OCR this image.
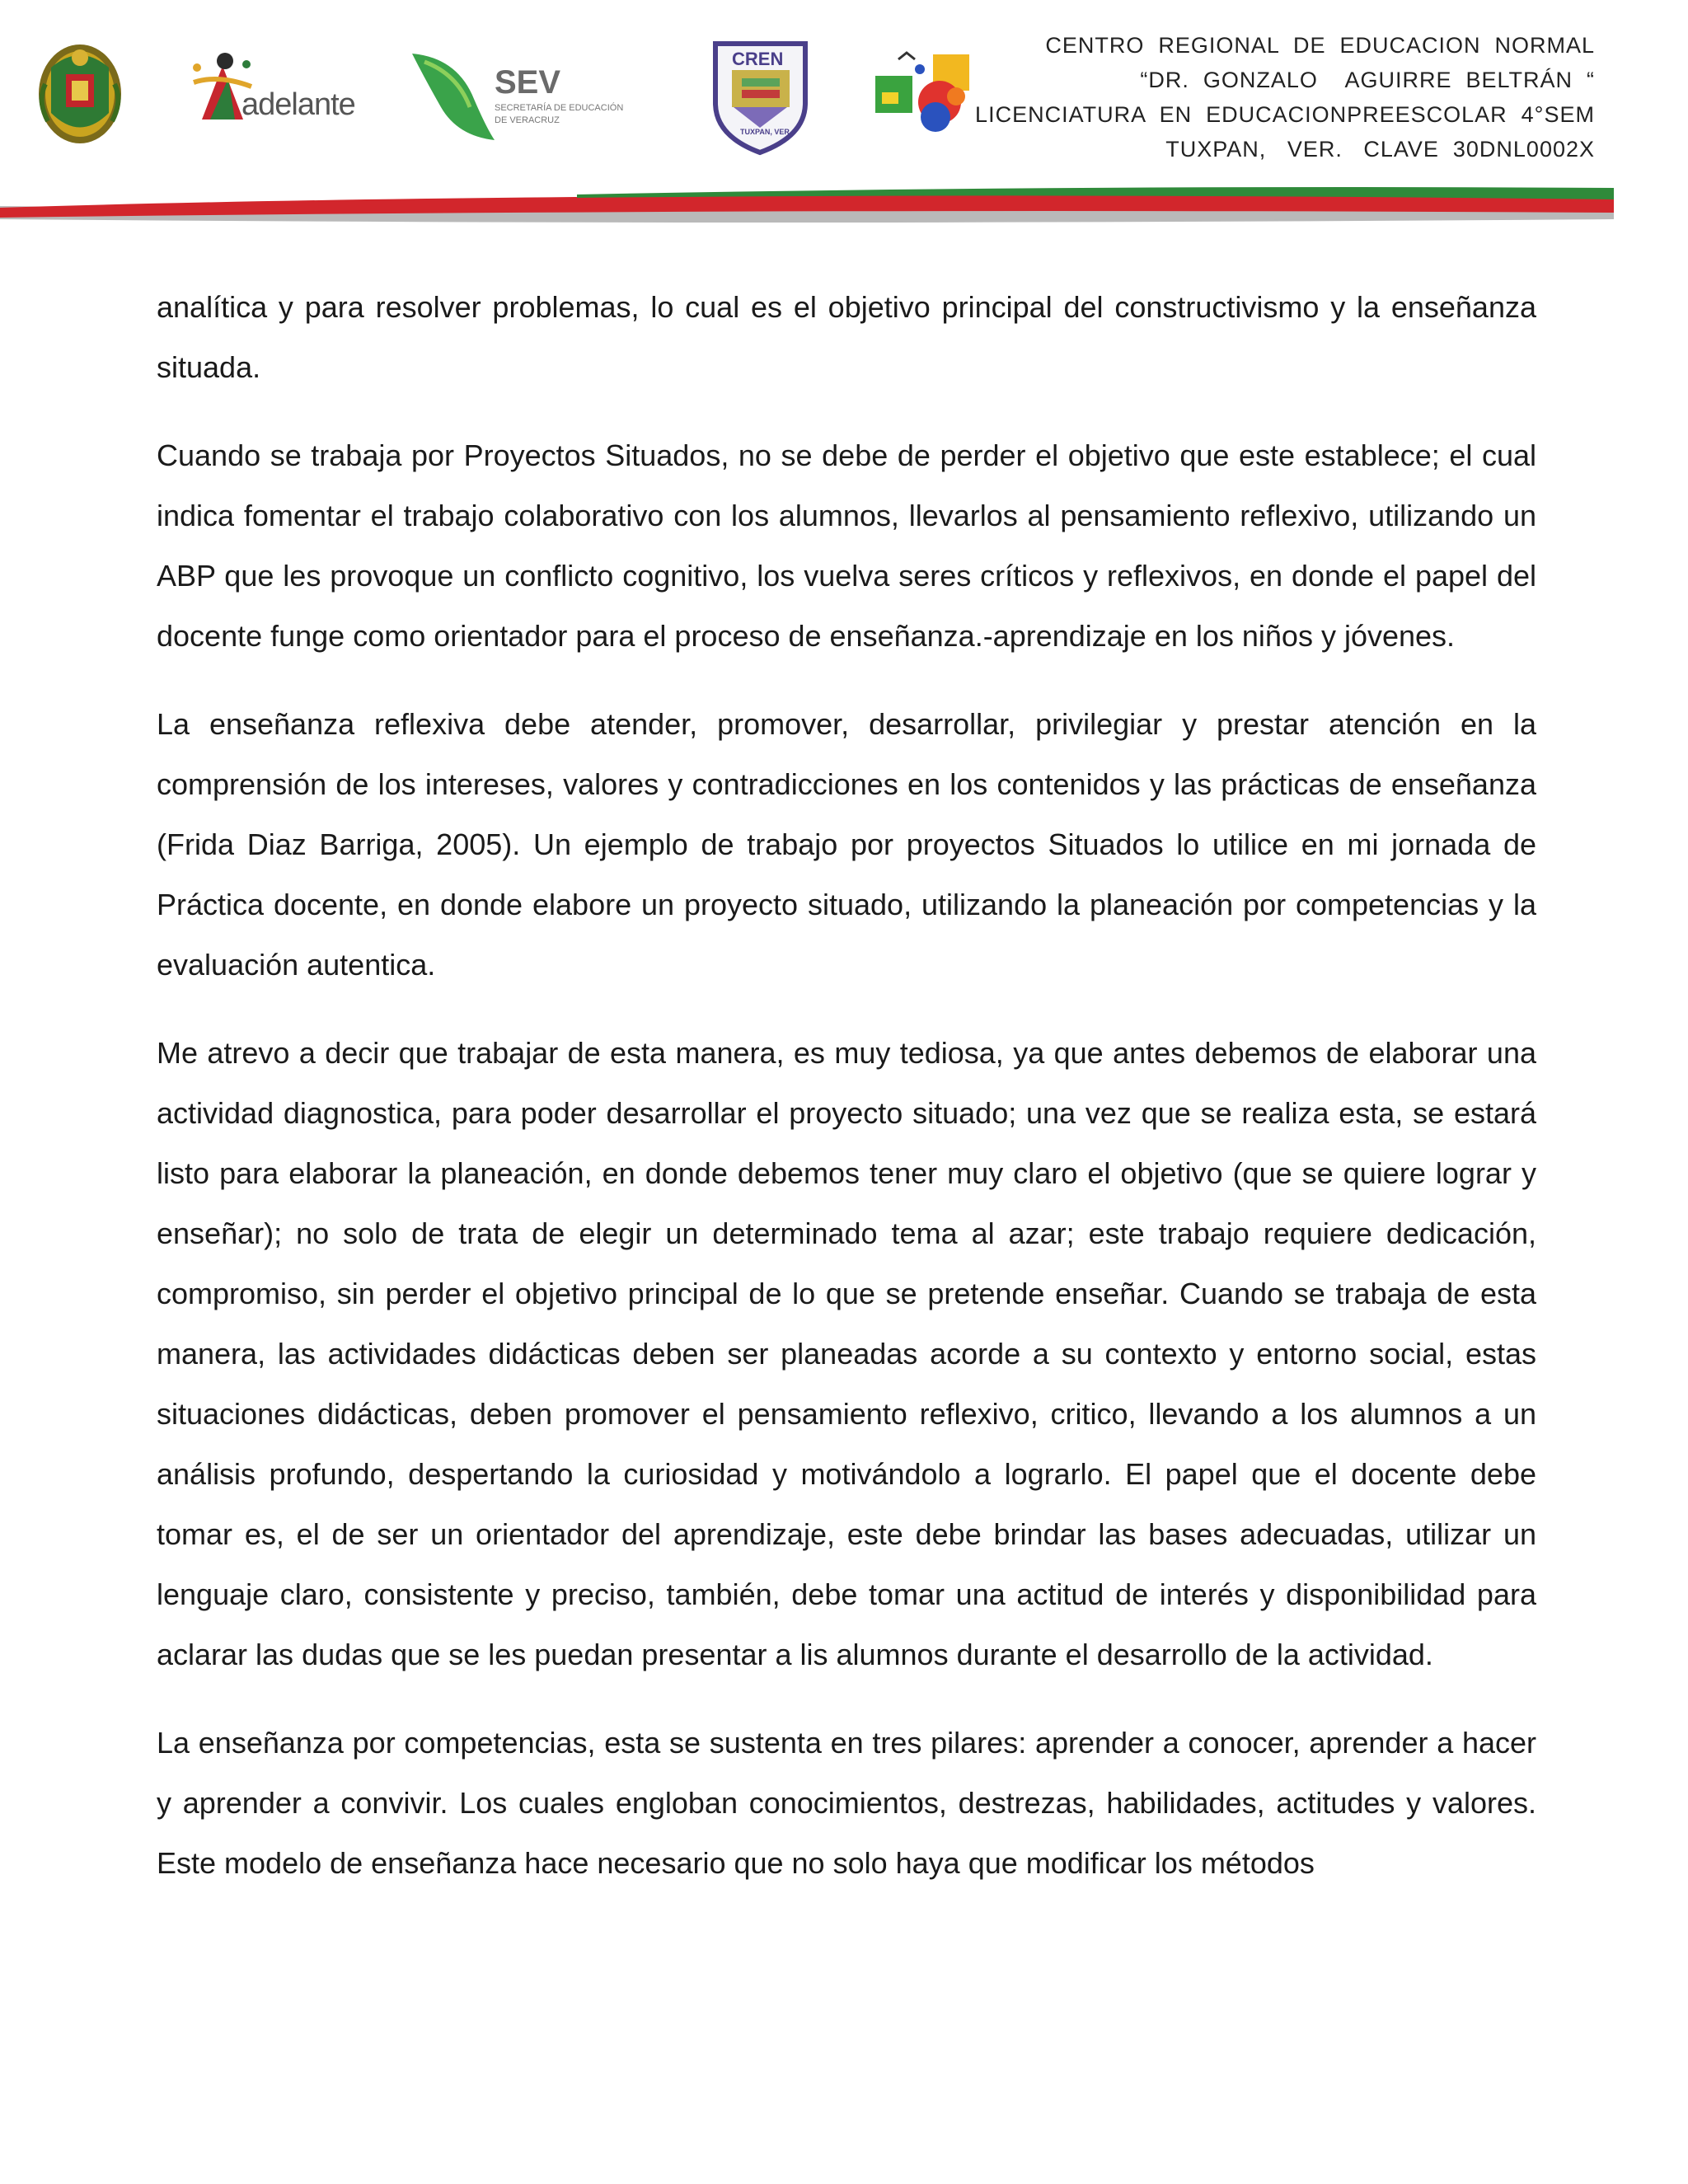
adelante
SEV
SECRETARÍA DE EDUCACIÓN
DE VERACRUZ
CREN
TUXPAN, VER.
CENTRO  REGIONAL  DE  EDUCACION  NORMAL
“DR.  GONZALO    AGUIRRE  BELTRÁN  “
LICENCIATURA  EN  EDUCACIONPREESCOLAR  4°SEM
TUXPAN,   VER.   CLAVE  30DNL0002X

analítica y para resolver problemas, lo cual es el objetivo principal del constructivismo y la enseñanza situada.

Cuando se trabaja por Proyectos Situados, no se debe de perder el objetivo que este establece; el cual indica fomentar el trabajo colaborativo con los alumnos, llevarlos al pensamiento reflexivo, utilizando un ABP que les provoque un conflicto cognitivo, los vuelva seres críticos y reflexivos, en donde el papel del docente funge como orientador para el proceso de enseñanza.-aprendizaje en los niños y jóvenes.

La enseñanza reflexiva debe atender, promover, desarrollar, privilegiar y prestar atención en la comprensión de los intereses, valores y contradicciones en los contenidos y las prácticas de enseñanza (Frida Diaz Barriga, 2005). Un ejemplo de trabajo por proyectos Situados lo utilice en mi jornada de Práctica docente, en donde elabore un proyecto situado, utilizando la planeación por competencias y la evaluación autentica.

Me atrevo a decir que trabajar de esta manera, es muy tediosa, ya que antes debemos de elaborar una actividad diagnostica, para poder desarrollar el proyecto situado; una vez que se realiza esta, se estará listo para elaborar la planeación, en donde debemos tener muy claro el objetivo (que se quiere lograr y enseñar); no solo de trata de elegir un determinado tema al azar; este trabajo requiere dedicación, compromiso, sin perder el objetivo principal de lo que se pretende enseñar. Cuando se trabaja de esta manera, las actividades didácticas deben ser planeadas acorde a su contexto y entorno social, estas situaciones didácticas, deben promover el pensamiento reflexivo, critico, llevando a los alumnos a un análisis profundo, despertando la curiosidad y motivándolo a lograrlo. El papel que el docente debe tomar es, el de ser un orientador del aprendizaje, este debe brindar las bases adecuadas, utilizar un lenguaje claro, consistente y preciso, también, debe tomar una actitud de interés y disponibilidad para aclarar las dudas que se les puedan presentar a lis alumnos durante el desarrollo de la actividad.

La enseñanza por competencias, esta se sustenta en tres pilares: aprender a conocer, aprender a hacer y aprender a convivir. Los cuales engloban conocimientos, destrezas, habilidades, actitudes y valores. Este modelo de enseñanza hace necesario que no solo haya que modificar los métodos
